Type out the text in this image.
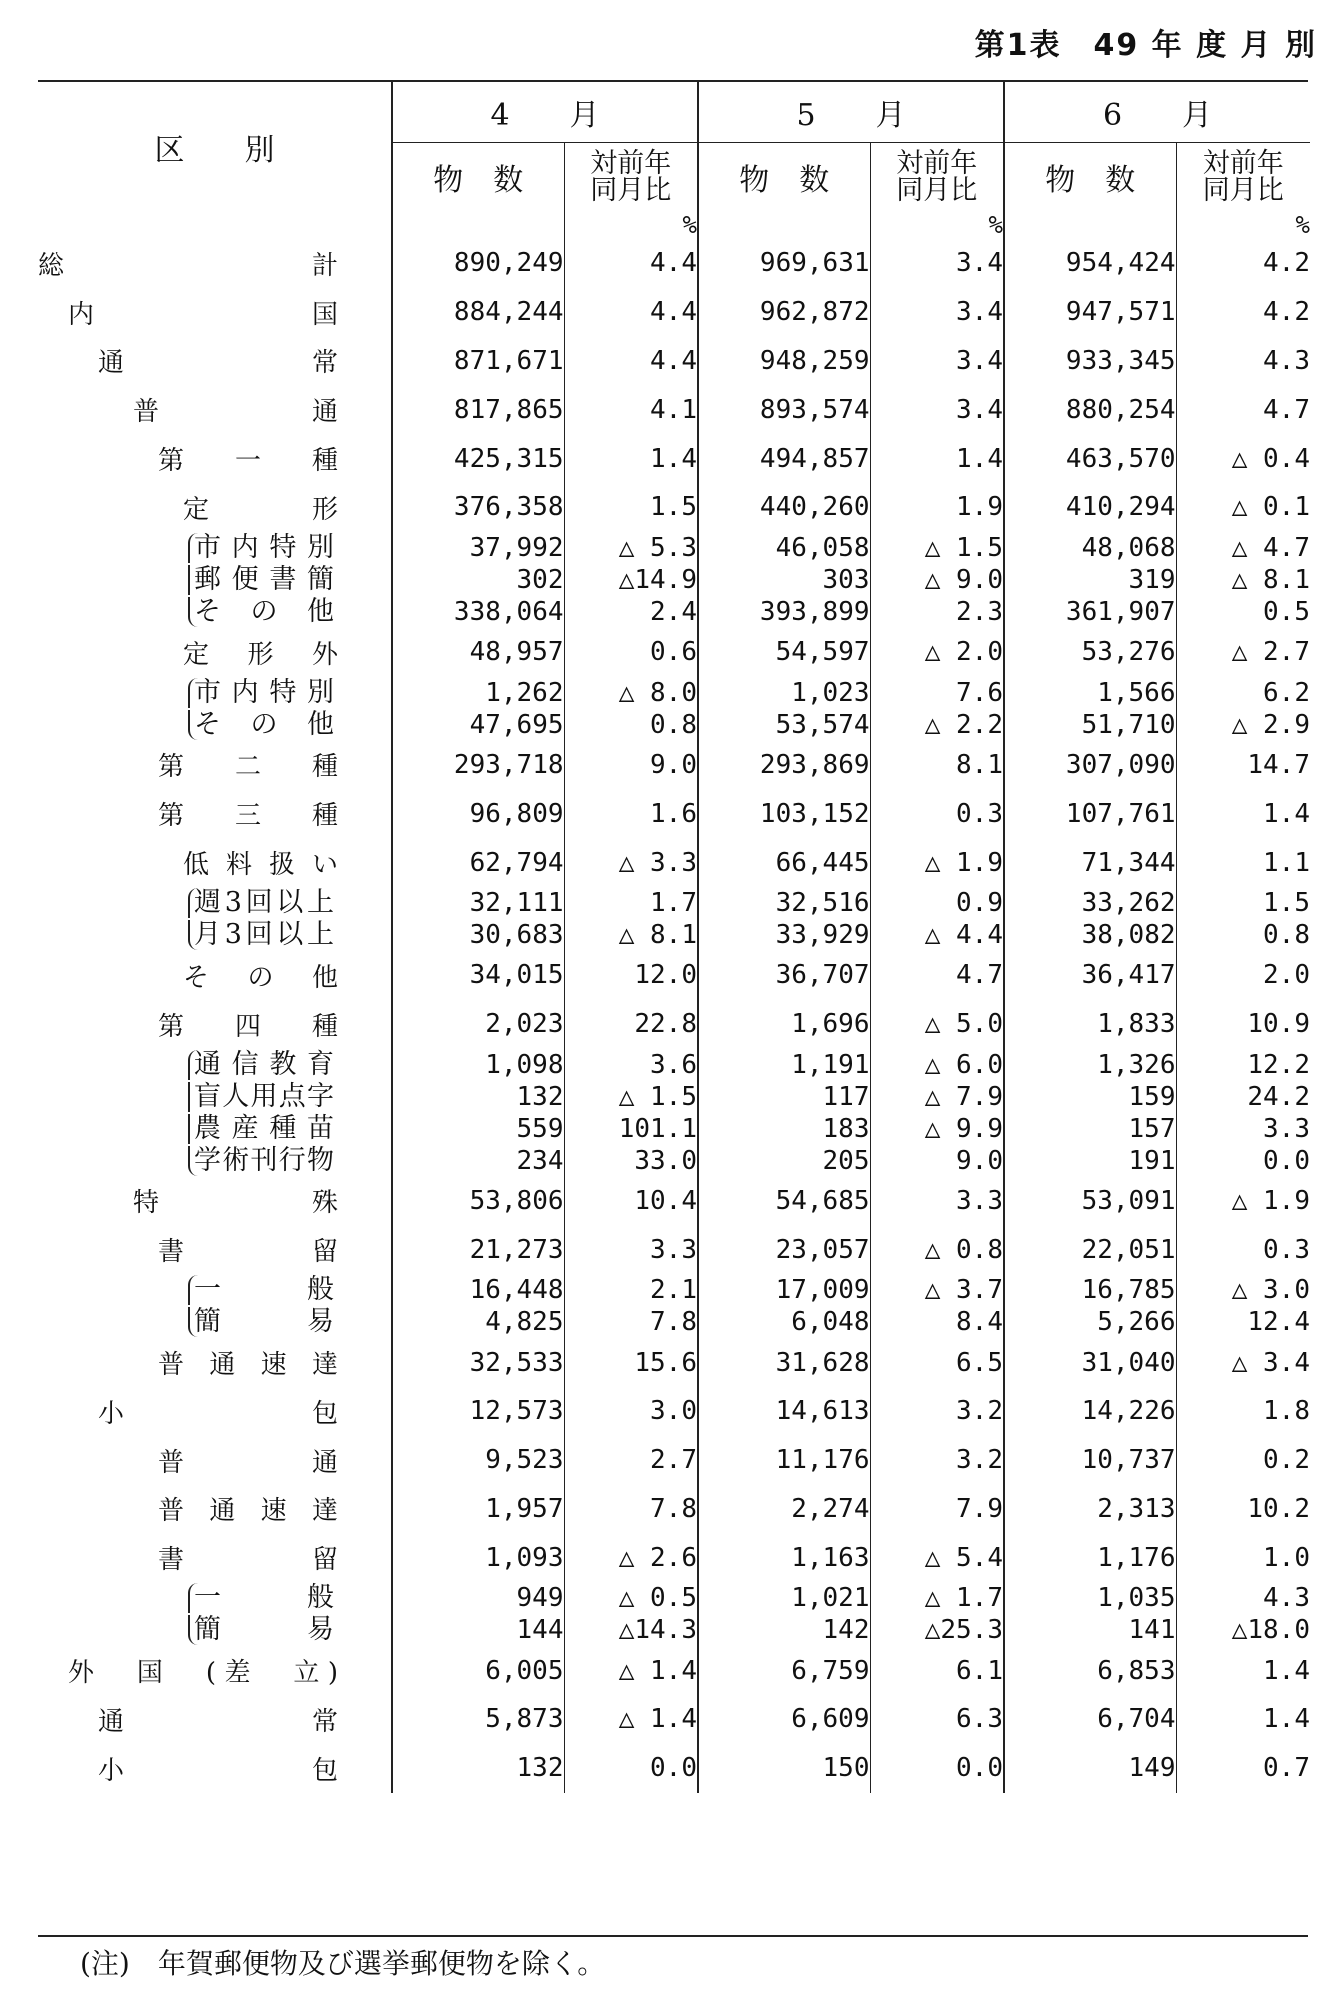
第1表　49 年 度 月 別
区　　別	4　　月		5　　月		6　　月	
	物　数	対前年
同月比	物　数	対前年
同月比	物　数	対前年
同月比
		%		%		%
総　　　　　　計	890,249	4.4	969,631	3.4	954,424	4.2
内　　　　　　国	884,244	4.4	962,872	3.4	947,571	4.2
通　　　　　常	871,671	4.4	948,259	3.4	933,345	4.3
普　　　　通	817,865	4.1	893,574	3.4	880,254	4.7
第　一　種	425,315	1.4	494,857	1.4	463,570	△ 0.4
定　　形	376,358	1.5	440,260	1.9	410,294	△ 0.1
市内特別	37,992	△ 5.3	46,058	△ 1.5	48,068	△ 4.7
郵便書簡	302	△14.9	303	△ 9.0	319	△ 8.1
そ の 他	338,064	2.4	393,899	2.3	361,907	0.5
定 形 外	48,957	0.6	54,597	△ 2.0	53,276	△ 2.7
市内特別	1,262	△ 8.0	1,023	7.6	1,566	6.2
そ の 他	47,695	0.8	53,574	△ 2.2	51,710	△ 2.9
第　二　種	293,718	9.0	293,869	8.1	307,090	14.7
第　三　種	96,809	1.6	103,152	0.3	107,761	1.4
低料扱い	62,794	△ 3.3	66,445	△ 1.9	71,344	1.1
週3回以上	32,111	1.7	32,516	0.9	33,262	1.5
月3回以上	30,683	△ 8.1	33,929	△ 4.4	38,082	0.8
そ　の　他	34,015	12.0	36,707	4.7	36,417	2.0
第　四　種	2,023	22.8	1,696	△ 5.0	1,833	10.9
通信教育	1,098	3.6	1,191	△ 6.0	1,326	12.2
盲人用点字	132	△ 1.5	117	△ 7.9	159	24.2
農産種苗	559	101.1	183	△ 9.9	157	3.3
学術刊行物	234	33.0	205	9.0	191	0.0
特　　　　殊	53,806	10.4	54,685	3.3	53,091	△ 1.9
書　　　留	21,273	3.3	23,057	△ 0.8	22,051	0.3
一　　　般	16,448	2.1	17,009	△ 3.7	16,785	△ 3.0
簡　　　易	4,825	7.8	6,048	8.4	5,266	12.4
普通速達	32,533	15.6	31,628	6.5	31,040	△ 3.4
小　　　　　包	12,573	3.0	14,613	3.2	14,226	1.8
普　　　通	9,523	2.7	11,176	3.2	10,737	0.2
普通速達	1,957	7.8	2,274	7.9	2,313	10.2
書　　　留	1,093	△ 2.6	1,163	△ 5.4	1,176	1.0
一　　　般	949	△ 0.5	1,021	△ 1.7	1,035	4.3
簡　　　易	144	△14.3	142	△25.3	141	△18.0
外　国　(差　立)	6,005	△ 1.4	6,759	6.1	6,853	1.4
通　　　　　常	5,873	△ 1.4	6,609	6.3	6,704	1.4
小　　　　　包	132	0.0	150	0.0	149	0.7

(注)　年賀郵便物及び選挙郵便物を除く。
